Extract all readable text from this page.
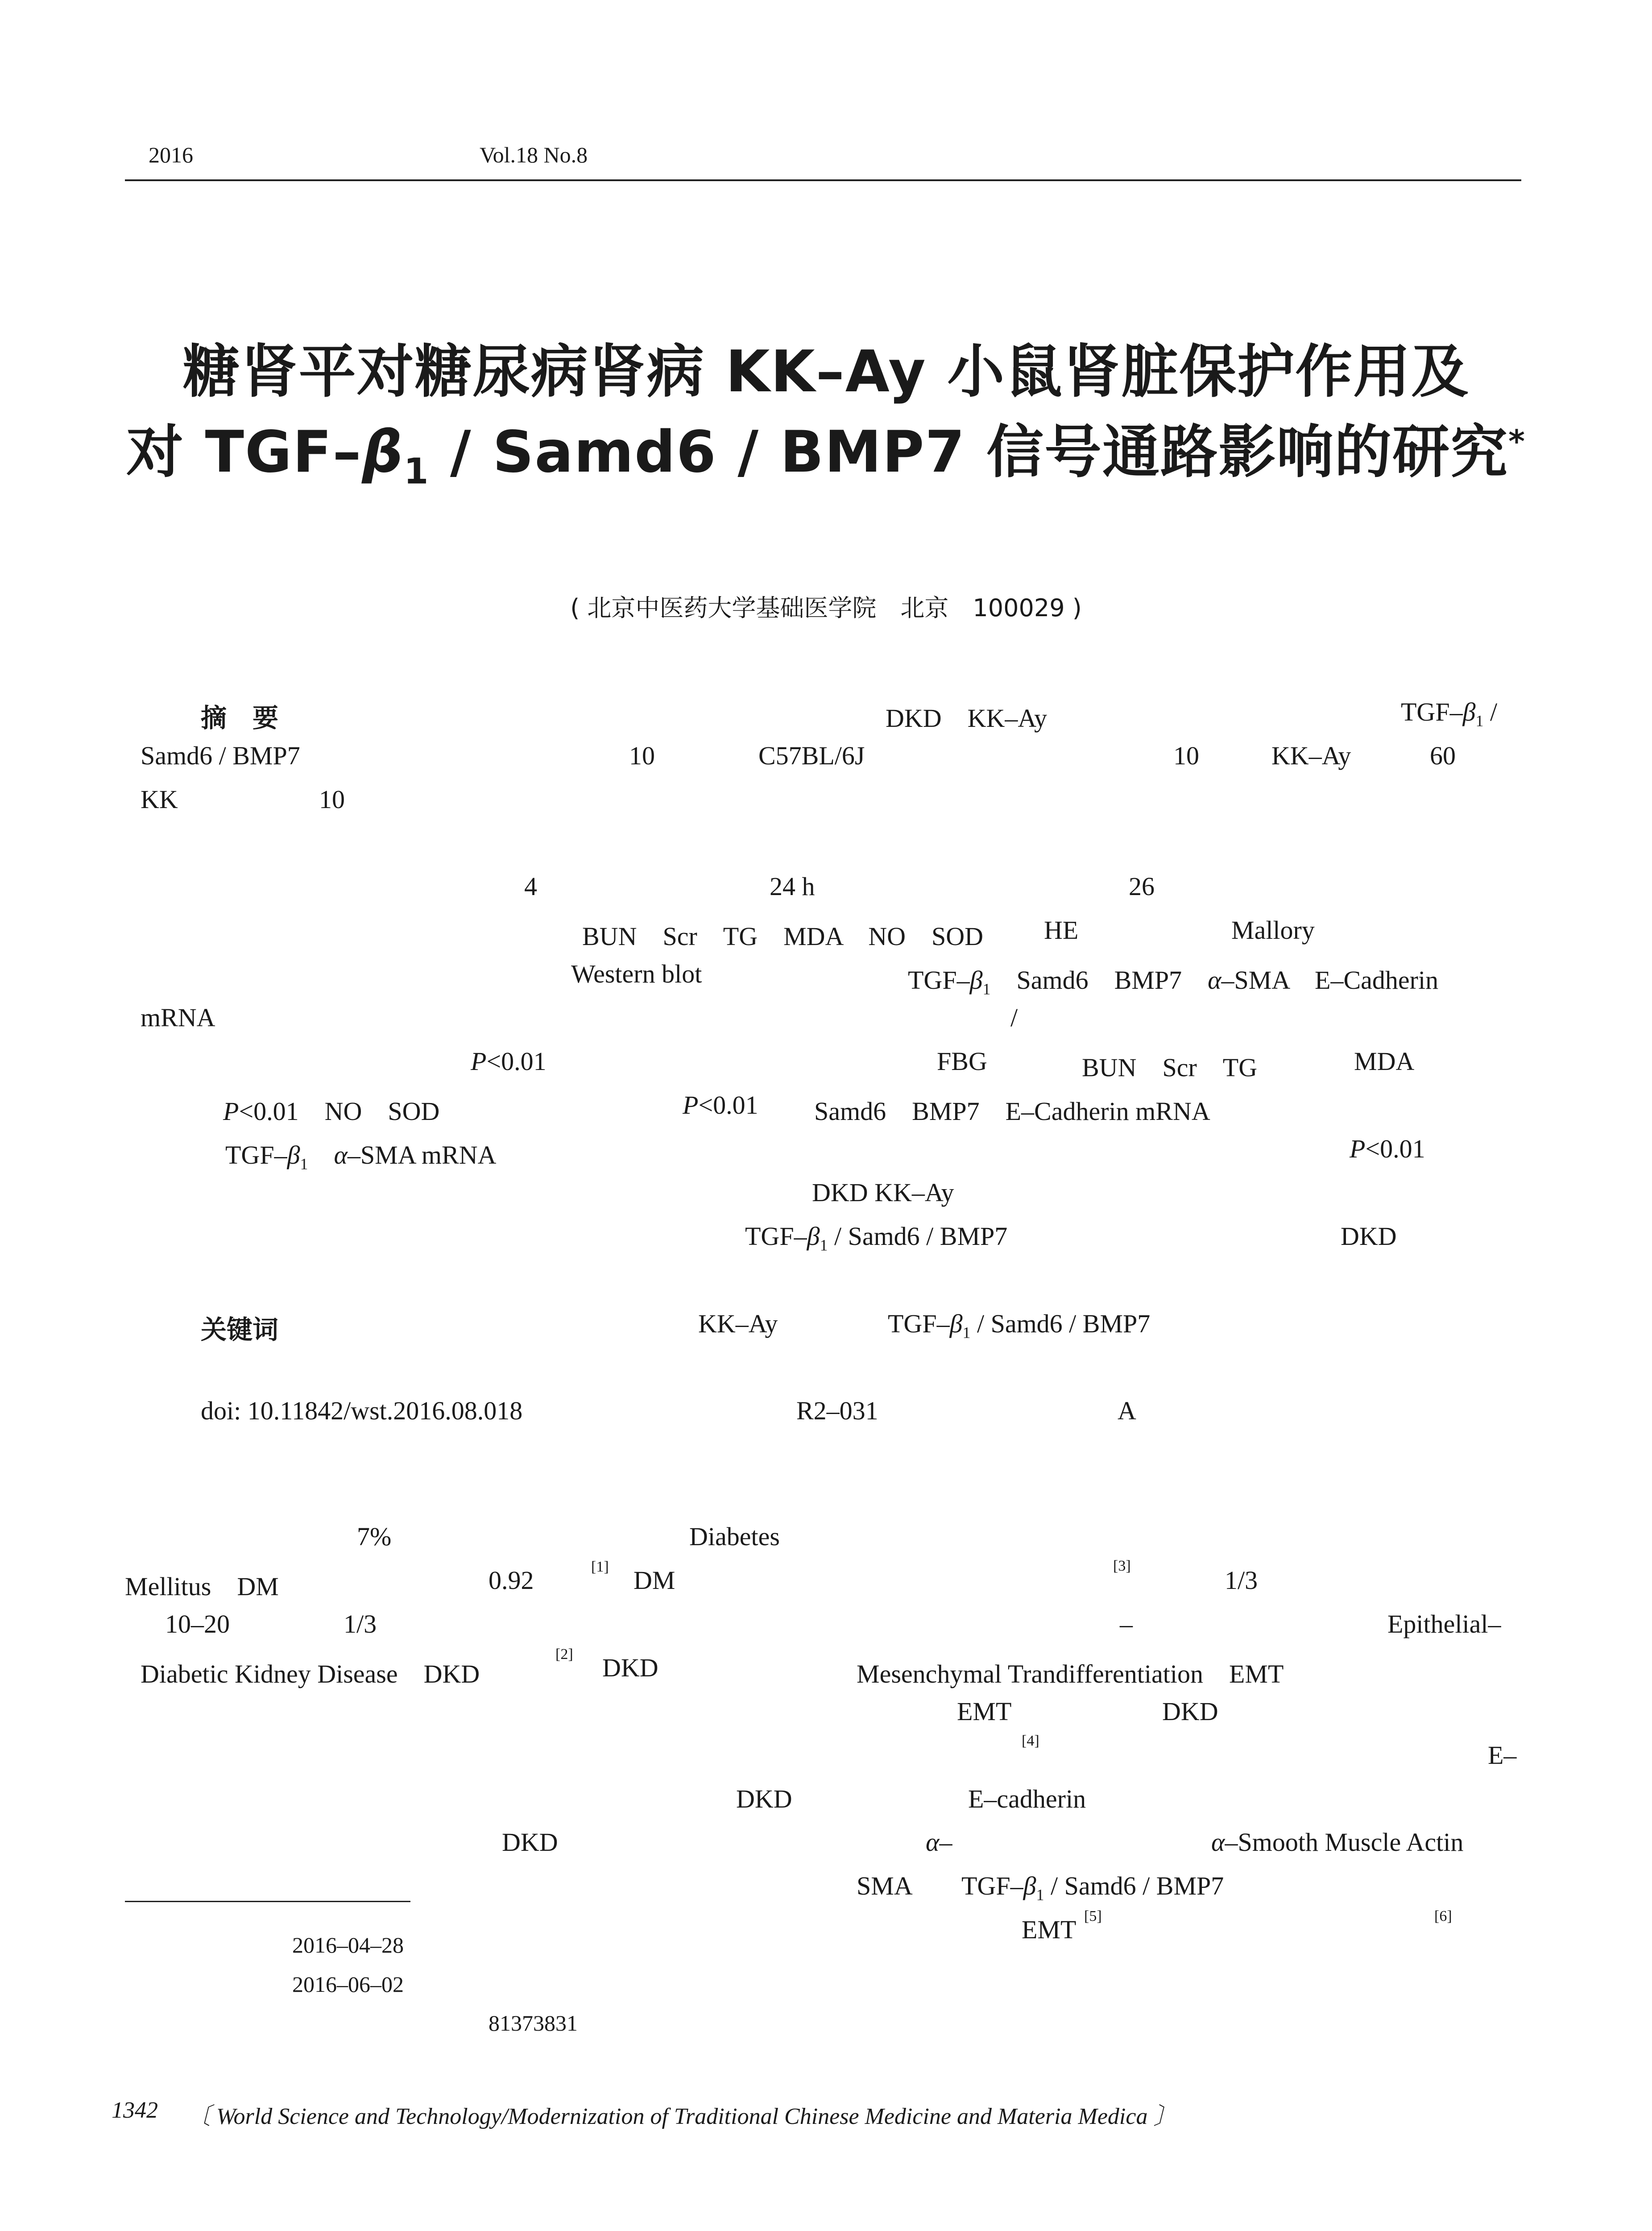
2016	Vol.18 No.8
糖肾平对糖尿病肾病 KK–Ay 小鼠肾脏保护作用及
对 TGF–$\beta_1$ / Samd6 / BMP7 信号通路影响的研究*
( 北京中医药大学基础医学院　北京　100029 )
摘　要	DKD　KK–Ay	TGF–$\beta_1$ /
Samd6 / BMP7	10	C57BL/6J	10	KK–Ay	60
KK	10
4	24 h	26
BUN　Scr　TG　MDA　NO　SOD HE	Mallory
Western blot	TGF–$\beta_1$　Samd6　BMP7　α–SMA　E–Cadherin
mRNA	/
P<0.01	FBG	BUN　Scr　TG	MDA
P<0.01　NO　SOD	P<0.01 Samd6　BMP7　E–Cadherin mRNA
TGF–$\beta_1$　 α–SMA mRNA	P<0.01
DKD KK–Ay
TGF–$\beta_1$ / Samd6 / BMP7	DKD
关键词	KK–Ay	TGF–$\beta_1$ / Samd6 / BMP7
doi: 10.11842/wst.2016.08.018	R2–031	A
7%	Diabetes
Mellitus　DM	0.92	[1] DM
10–20	1/3
Diabetic Kidney Disease　DKD
[2] DKD
DKD
[3]	1/3
–	Epithelial–
Mesenchymal Trandifferentiation　EMT
EMT	DKD
[4]	E–
DKD	E–cadherin
α–	α–Smooth Muscle Actin
SMA TGF–$\beta_1$ / Samd6 / BMP7
EMT [5]	[6]
2016–04–28
2016–06–02
81373831
1342 〔 World Science and Technology/Modernization of Traditional Chinese Medicine and Materia Medica 〕
